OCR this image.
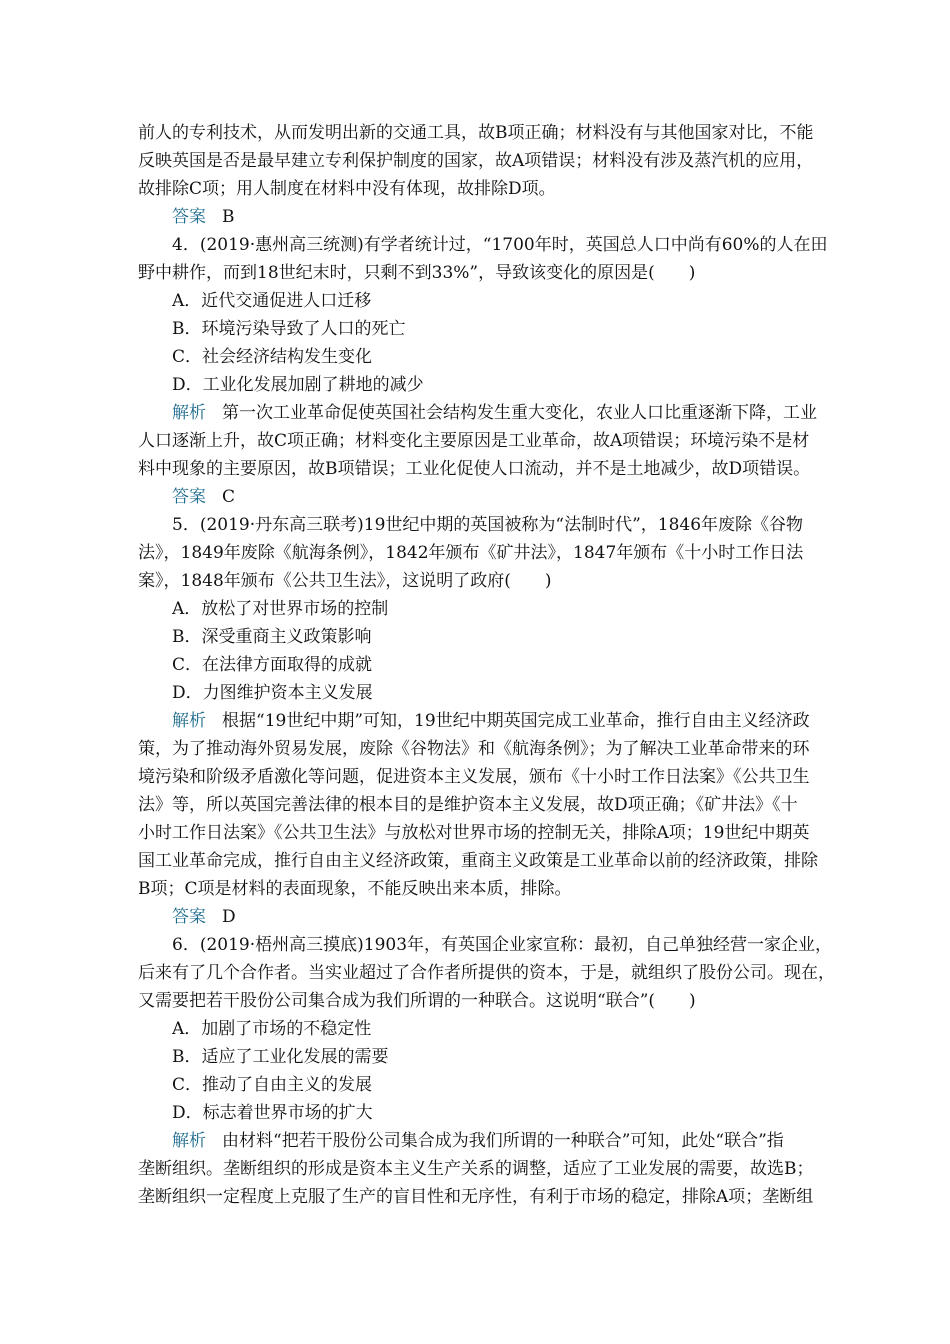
前人的专利技术，从而发明出新的交通工具，故B项正确；材料没有与其他国家对比，不能
反映英国是否是最早建立专利保护制度的国家，故A项错误；材料没有涉及蒸汽机的应用，
故排除C项；用人制度在材料中没有体现，故排除D项。
答案 B
4．(2019·惠州高三统测)有学者统计过，“1700年时，英国总人口中尚有60%的人在田
野中耕作，而到18世纪末时，只剩不到33%”，导致该变化的原因是(　　)
A．近代交通促进人口迁移
B．环境污染导致了人口的死亡
C．社会经济结构发生变化
D．工业化发展加剧了耕地的减少
解析 第一次工业革命促使英国社会结构发生重大变化，农业人口比重逐渐下降，工业
人口逐渐上升，故C项正确；材料变化主要原因是工业革命，故A项错误；环境污染不是材
料中现象的主要原因，故B项错误；工业化促使人口流动，并不是土地减少，故D项错误。
答案 C
5．(2019·丹东高三联考)19世纪中期的英国被称为“法制时代”，1846年废除《谷物
法》，1849年废除《航海条例》，1842年颁布《矿井法》，1847年颁布《十小时工作日法
案》，1848年颁布《公共卫生法》，这说明了政府(　　)
A．放松了对世界市场的控制
B．深受重商主义政策影响
C．在法律方面取得的成就
D．力图维护资本主义发展
解析 根据“19世纪中期”可知，19世纪中期英国完成工业革命，推行自由主义经济政
策，为了推动海外贸易发展，废除《谷物法》和《航海条例》；为了解决工业革命带来的环
境污染和阶级矛盾激化等问题，促进资本主义发展，颁布《十小时工作日法案》《公共卫生
法》等，所以英国完善法律的根本目的是维护资本主义发展，故D项正确；《矿井法》《十
小时工作日法案》《公共卫生法》与放松对世界市场的控制无关，排除A项；19世纪中期英
国工业革命完成，推行自由主义经济政策，重商主义政策是工业革命以前的经济政策，排除
B项；C项是材料的表面现象，不能反映出来本质，排除。
答案 D
6．(2019·梧州高三摸底)1903年，有英国企业家宣称：最初，自己单独经营一家企业，
后来有了几个合作者。当实业超过了合作者所提供的资本，于是，就组织了股份公司。现在，
又需要把若干股份公司集合成为我们所谓的一种联合。这说明“联合”(　　)
A．加剧了市场的不稳定性
B．适应了工业化发展的需要
C．推动了自由主义的发展
D．标志着世界市场的扩大
解析 由材料“把若干股份公司集合成为我们所谓的一种联合”可知，此处“联合”指
垄断组织。垄断组织的形成是资本主义生产关系的调整，适应了工业发展的需要，故选B；
垄断组织一定程度上克服了生产的盲目性和无序性，有利于市场的稳定，排除A项；垄断组
